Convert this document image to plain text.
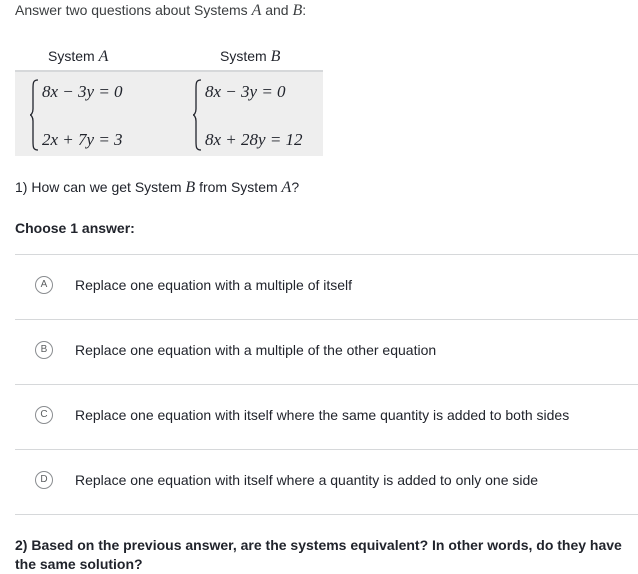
Answer two questions about Systems A and B:
System A	System B
8x − 3y = 0
2x + 7y = 3
8x − 3y = 0
8x + 28y = 12
1) How can we get System B from System A?
Choose 1 answer:
A	Replace one equation with a multiple of itself
B	Replace one equation with a multiple of the other equation
C	Replace one equation with itself where the same quantity is added to both sides
D	Replace one equation with itself where a quantity is added to only one side
2) Based on the previous answer, are the systems equivalent? In other words, do they have the same solution?
